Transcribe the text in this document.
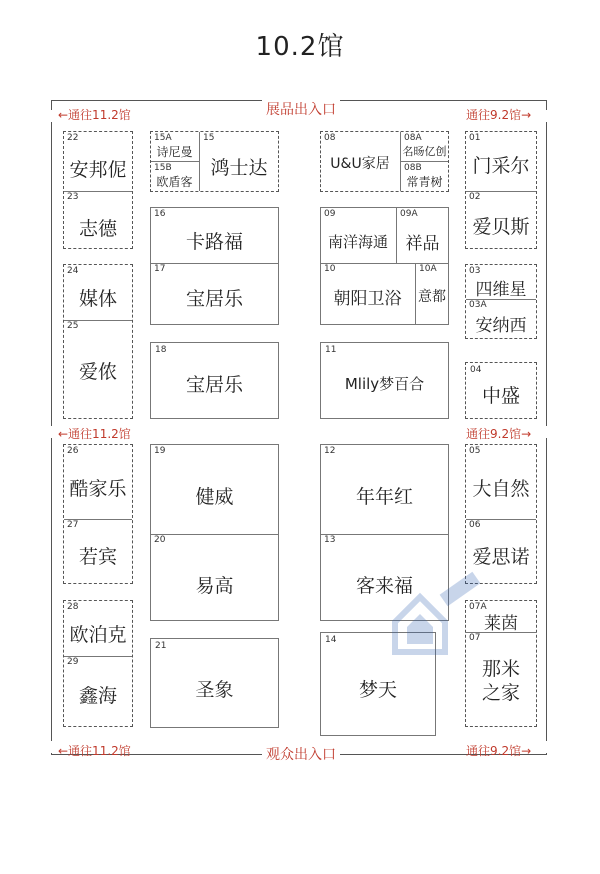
10.2馆
展品出入口
观众出入口
←通往11.2馆
←通往11.2馆
←通往11.2馆
通往9.2馆→
通往9.2馆→
通往9.2馆→
22
安邦伲
23
志德
24
媒体
25
爱侬
26
酷家乐
27
若宾
28
欧泊克
29
鑫海
15A
诗尼曼
15B
欧盾客
15
鸿士达
16
卡路福
17
宝居乐
18
宝居乐
19
健威
20
易高
21
圣象
08
U&U家居
08A
名旸亿创
08B
常青树
09
南洋海通
09A
祥品
10
朝阳卫浴
10A
意都
11
Mlily梦百合
12
年年红
13
客来福
14
梦天
01
门采尔
02
爱贝斯
03
四维星
03A
安纳西
04
中盛
05
大自然
06
爱思诺
07A
莱茵
07
那米之家
